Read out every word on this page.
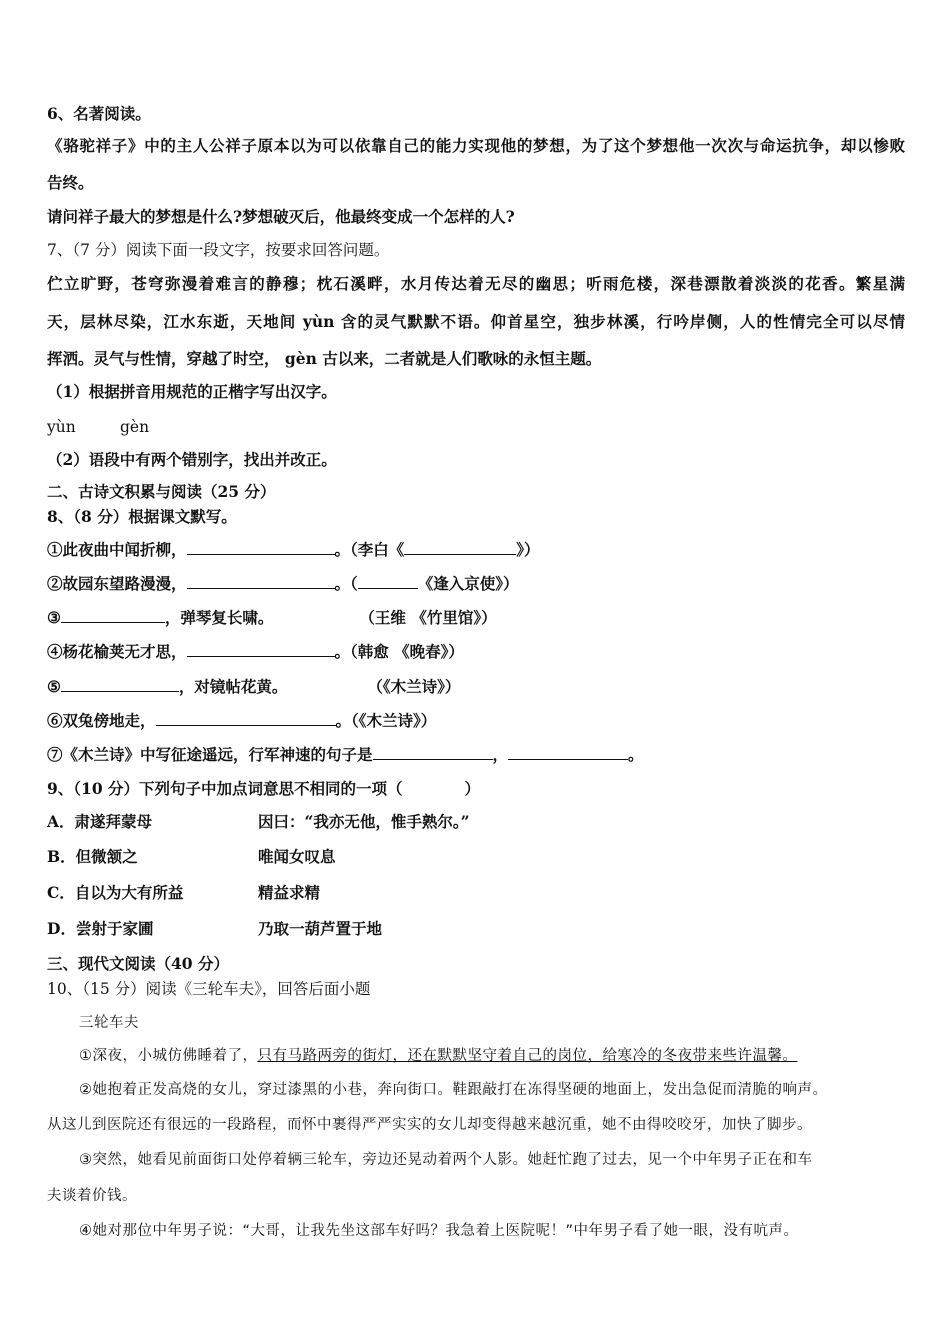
6、名著阅读。
《骆驼祥子》中的主人公祥子原本以为可以依靠自己的能力实现他的梦想，为了这个梦想他一次次与命运抗争，却以惨败
告终。
请问祥子最大的梦想是什么?梦想破灭后，他最终变成一个怎样的人?
7、（7 分）阅读下面一段文字，按要求回答问题。
伫立旷野，苍穹弥漫着难言的静穆；枕石溪畔，水月传达着无尽的幽思；听雨危楼，深巷漂散着淡淡的花香。繁星满
天，层林尽染，江水东逝，天地间 yùn 含的灵气默默不语。仰首星空，独步林溪，行吟岸侧，人的性情完全可以尽情
挥洒。灵气与性情，穿越了时空， gèn 古以来，二者就是人们歌咏的永恒主题。
（1）根据拼音用规范的正楷字写出汉字。
yùn	gèn
（2）语段中有两个错别字，找出并改正。
二、古诗文积累与阅读（25 分）
8、（8 分）根据课文默写。
①此夜曲中闻折柳，	。（李白《	》）
②故园东望路漫漫，	。（	《逢入京使》）
③	，弹琴复长啸。	（王维 《竹里馆》）
④杨花榆荚无才思，	。（韩愈 《晚春》）
⑤	，对镜帖花黄。	（《木兰诗》）
⑥双兔傍地走，	。（《木兰诗》）
⑦《木兰诗》中写征途遥远，行军神速的句子是	，	。
9、（10 分）下列句子中加点词意思不相同的一项（	）
A．肃遂拜蒙母	因曰：“我亦无他，惟手熟尔。”
B．但微颔之	唯闻女叹息
C．自以为大有所益	精益求精
D．尝射于家圃	乃取一葫芦置于地
三、现代文阅读（40 分）
10、（15 分）阅读《三轮车夫》，回答后面小题
三轮车夫
①深夜，小城仿佛睡着了，只有马路两旁的街灯，还在默默坚守着自己的岗位，给寒冷的冬夜带来些许温馨。
②她抱着正发高烧的女儿，穿过漆黑的小巷，奔向街口。鞋跟敲打在冻得坚硬的地面上，发出急促而清脆的响声。
从这儿到医院还有很远的一段路程，而怀中裹得严严实实的女儿却变得越来越沉重，她不由得咬咬牙，加快了脚步。
③突然，她看见前面街口处停着辆三轮车，旁边还晃动着两个人影。她赶忙跑了过去，见一个中年男子正在和车
夫谈着价钱。
④她对那位中年男子说：“大哥，让我先坐这部车好吗？我急着上医院呢！”中年男子看了她一眼，没有吭声。
